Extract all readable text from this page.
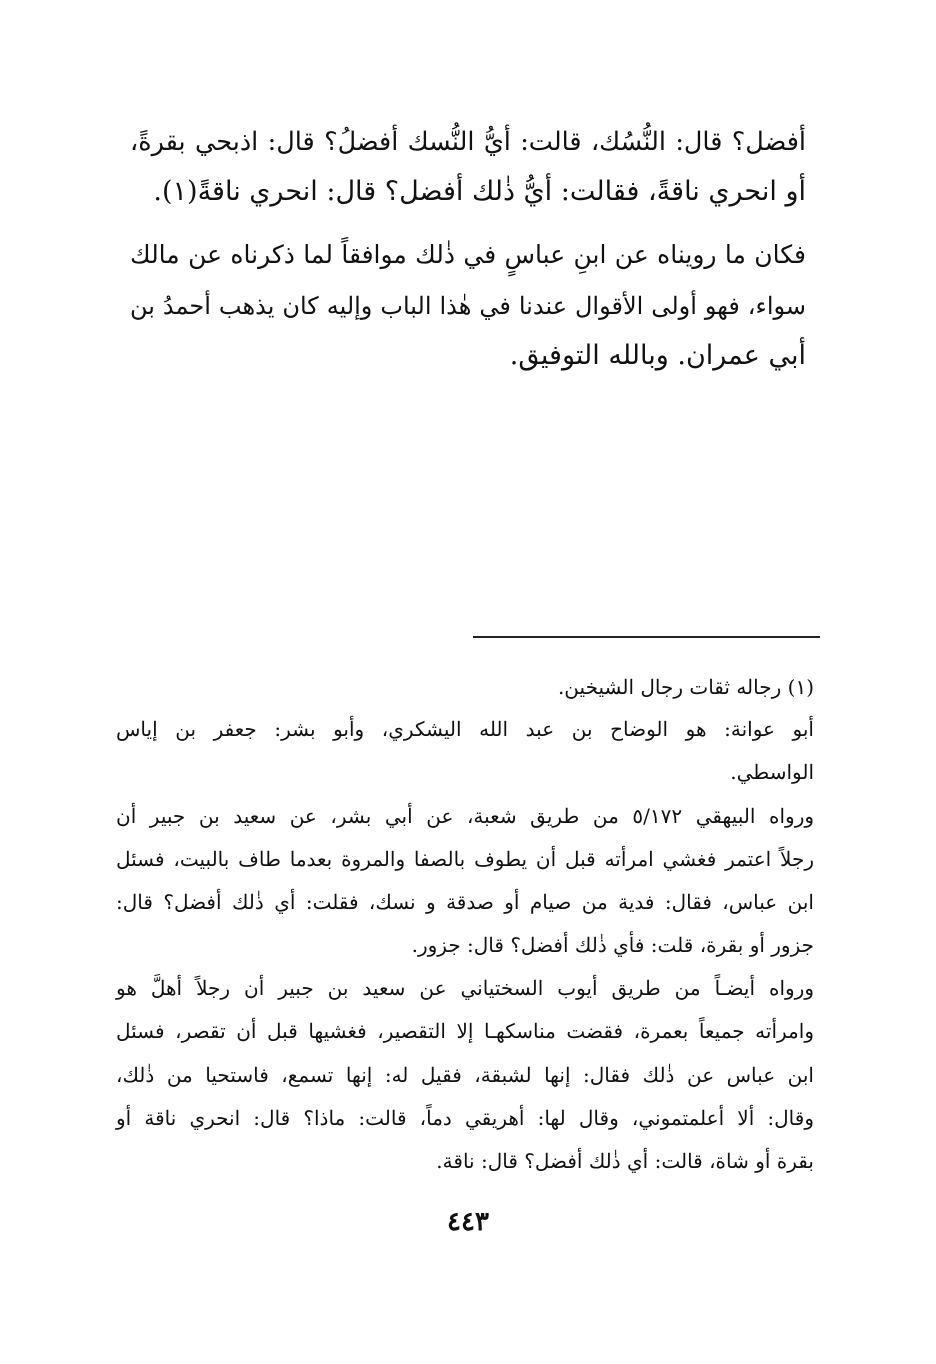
أفضل؟ قال: النُّسُك، قالت: أيُّ النُّسك أفضلُ؟ قال: اذبحي بقرةً،
أو انحري ناقةً، فقالت: أيُّ ذٰلك أفضل؟ قال: انحري ناقةً(١).
فكان ما رويناه عن ابنِ عباسٍ في ذٰلك موافقاً لما ذكرناه عن مالك
سواء، فهو أولى الأقوال عندنا في هٰذا الباب وإليه كان يذهب أحمدُ بن
أبي عمران. وبالله التوفيق.
(١) رجاله ثقات رجال الشيخين.
أبو عوانة: هو الوضاح بن عبد الله اليشكري، وأبو بشر: جعفر بن إياس
الواسطي.
ورواه البيهقي ٥/١٧٢ من طريق شعبة، عن أبي بشر، عن سعيد بن جبير أن
رجلاً اعتمر فغشي امرأته قبل أن يطوف بالصفا والمروة بعدما طاف بالبيت، فسئل
ابن عباس، فقال: فدية من صيام أو صدقة و نسك، فقلت: أي ذٰلك أفضل؟ قال:
جزور أو بقرة، قلت: فأي ذٰلك أفضل؟ قال: جزور.
ورواه أيضـاً من طريق أيوب السختياني عن سعيد بن جبير أن رجلاً أهلَّ هو
وامرأته جميعاً بعمرة، فقضت مناسكهـا إلا التقصير، فغشيها قبل أن تقصر، فسئل
ابن عباس عن ذٰلك فقال: إنها لشبقة، فقيل له: إنها تسمع، فاستحيا من ذٰلك،
وقال: ألا أعلمتموني، وقال لها: أهريقي دماً، قالت: ماذا؟ قال: انحري ناقة أو
بقرة أو شاة، قالت: أي ذٰلك أفضل؟ قال: ناقة.
٤٤٣
